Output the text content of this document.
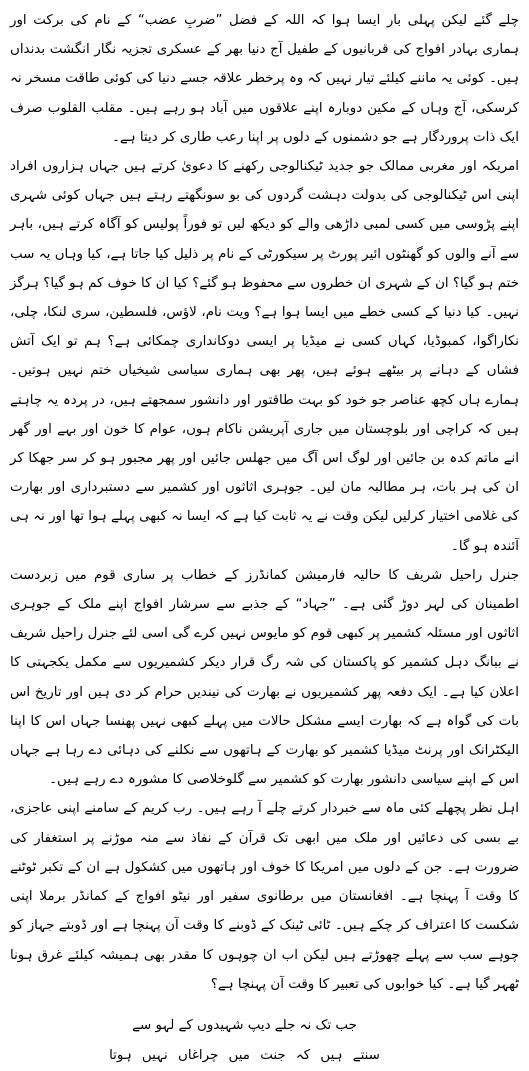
چلے گئے لیکن پہلی بار ایسا ہوا کہ اللہ کے فضل ”ضربِ عضب“ کے نام کی برکت اور ہماری بہادر افواج کی قربانیوں کے طفیل آج دنیا بھر کے عسکری تجزیہ نگار انگشت بدنداں ہیں۔ کوئی یہ ماننے کیلئے تیار نہیں کہ وہ پرخطر علاقہ جسے دنیا کی کوئی طاقت مسخر نہ کرسکی، آج وہاں کے مکین دوبارہ اپنے علاقوں میں آباد ہو رہے ہیں۔ مقلب القلوب صرف ایک ذات پروردگار ہے جو دشمنوں کے دلوں پر اپنا رعب طاری کر دیتا ہے۔

امریکہ اور مغربی ممالک جو جدید ٹیکنالوجی رکھنے کا دعویٰ کرتے ہیں جہاں ہزاروں افراد اپنی اس ٹیکنالوجی کی بدولت دہشت گردوں کی بو سونگھتے رہتے ہیں جہاں کوئی شہری اپنے پڑوسی میں کسی لمبی داڑھی والے کو دیکھ لیں تو فوراً پولیس کو آگاہ کرتے ہیں، باہر سے آنے والوں کو گھنٹوں ائیر پورٹ پر سیکورٹی کے نام پر ذلیل کیا جاتا ہے، کیا وہاں یہ سب ختم ہو گیا؟ ان کے شہری ان خطروں سے محفوظ ہو گئے؟ کیا ان کا خوف کم ہو گیا؟ ہرگز نہیں۔ کیا دنیا کے کسی خطے میں ایسا ہوا ہے؟ ویت نام، لاؤس، فلسطین، سری لنکا، چلی، نکاراگوا، کمبوڈیا، کہاں کسی نے میڈیا پر ایسی دوکانداری چمکائی ہے؟ ہم تو ایک آتش فشاں کے دہانے پر بیٹھے ہوئے ہیں، پھر بھی ہماری سیاسی شیخیاں ختم نہیں ہوتیں۔ ہمارے ہاں کچھ عناصر جو خود کو بہت طاقتور اور دانشور سمجھتے ہیں، در پردہ یہ چاہتے ہیں کہ کراچی اور بلوچستان میں جاری آپریشن ناکام ہوں، عوام کا خون اور بہے اور گھر انے ماتم کدہ بن جائیں اور لوگ اس آگ میں جھلس جائیں اور پھر مجبور ہو کر سر جھکا کر ان کی ہر بات، ہر مطالبہ مان لیں۔ جوہری اثاثوں اور کشمیر سے دستبرداری اور بھارت کی غلامی اختیار کرلیں لیکن وقت نے یہ ثابت کیا ہے کہ ایسا نہ کبھی پہلے ہوا تھا اور نہ ہی آئندہ ہو گا۔

جنرل راحیل شریف کا حالیہ فارمیشن کمانڈرز کے خطاب پر ساری قوم میں زبردست اطمینان کی لہر دوڑ گئی ہے۔ ”جہاد“ کے جذبے سے سرشار افواج اپنے ملک کے جوہری اثاثوں اور مسئلہ کشمیر پر کبھی قوم کو مایوس نہیں کرے گی اسی لئے جنرل راحیل شریف نے ببانگ دہل کشمیر کو پاکستان کی شہ رگ قرار دیکر کشمیریوں سے مکمل یکجہتی کا اعلان کیا ہے۔ ایک دفعہ پھر کشمیریوں نے بھارت کی نیندیں حرام کر دی ہیں اور تاریخ اس بات کی گواہ ہے کہ بھارت ایسے مشکل حالات میں پہلے کبھی نہیں پھنسا جہاں اس کا اپنا الیکٹرانک اور پرنٹ میڈیا کشمیر کو بھارت کے ہاتھوں سے نکلنے کی دہائی دے رہا ہے جہاں اس کے اپنے سیاسی دانشور بھارت کو کشمیر سے گلوخلاصی کا مشورہ دے رہے ہیں۔

اہل نظر پچھلے کئی ماہ سے خبردار کرتے چلے آ رہے ہیں۔ رب کریم کے سامنے اپنی عاجزی، بے بسی کی دعائیں اور ملک میں ابھی تک قرآن کے نفاذ سے منہ موڑنے پر استغفار کی ضرورت ہے۔ جن کے دلوں میں امریکا کا خوف اور ہاتھوں میں کشکول ہے ان کے تکبر ٹوٹنے کا وقت آ پہنچا ہے۔ افغانستان میں برطانوی سفیر اور نیٹو افواج کے کمانڈر برملا اپنی شکست کا اعتراف کر چکے ہیں۔ ٹائی ٹینک کے ڈوبنے کا وقت آن پہنچا ہے اور ڈوبتے جہاز کو چوہے سب سے پہلے چھوڑتے ہیں لیکن اب ان چوہوں کا مقدر بھی ہمیشہ کیلئے غرق ہونا ٹھہر گیا ہے۔ کیا خوابوں کی تعبیر کا وقت آن پہنچا ہے؟

جب تک نہ جلے دیپ شہیدوں کے لہو سے
سنتے ہیں کہ جنت میں چراغاں نہیں ہوتا
